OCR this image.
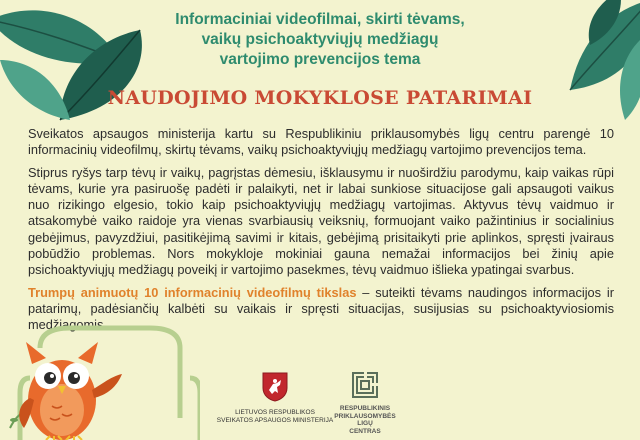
Informaciniai videofilmai, skirti tėvams,
vaikų psichoaktyviųjų medžiagų
vartojimo prevencijos tema
NAUDOJIMO MOKYKLOSE PATARIMAI

Sveikatos apsaugos ministerija kartu su Respublikiniu priklausomybės ligų centru parengė 10 informacinių videofilmų, skirtų tėvams, vaikų psichoaktyviųjų medžiagų vartojimo prevencijos tema.

Stiprus ryšys tarp tėvų ir vaikų, pagrįstas dėmesiu, išklausymu ir nuoširdžiu parodymu, kaip vaikas rūpi tėvams, kurie yra pasiruošę padėti ir palaikyti, net ir labai sunkiose situacijose gali apsaugoti vaikus nuo rizikingo elgesio, tokio kaip psichoaktyviųjų medžiagų vartojimas. Aktyvus tėvų vaidmuo ir atsakomybė vaiko raidoje yra vienas svarbiausių veiksnių, formuojant vaiko pažintinius ir socialinius gebėjimus, pavyzdžiui, pasitikėjimą savimi ir kitais, gebėjimą prisitaikyti prie aplinkos, spręsti įvairaus pobūdžio problemas. Nors mokykloje mokiniai gauna nemažai informacijos bei žinių apie psichoaktyviųjų medžiagų poveikį ir vartojimo pasekmes, tėvų vaidmuo išlieka ypatingai svarbus.

Trumpų animuotų 10 informacinių videofilmų tikslas – suteikti tėvams naudingos informacijos ir patarimų, padėsiančių kalbėti su vaikais ir spręsti situacijas, susijusias su psichoaktyviosiomis medžiagomis.

LIETUVOS RESPUBLIKOS
SVEIKATOS APSAUGOS MINISTERIJA
RESPUBLIKINIS
PRIKLAUSOMYBĖS LIGŲ
CENTRAS
